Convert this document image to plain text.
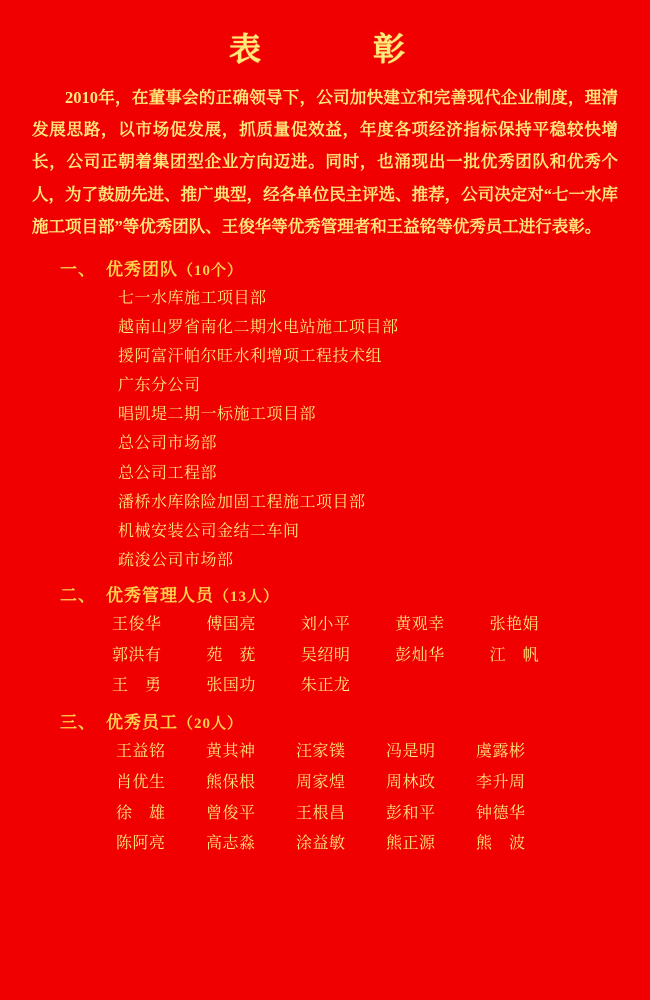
表　　彰
2010年，在董事会的正确领导下，公司加快建立和完善现代企业制度，理清发展思路，以市场促发展，抓质量促效益，年度各项经济指标保持平稳较快增长，公司正朝着集团型企业方向迈进。同时，也涌现出一批优秀团队和优秀个人，为了鼓励先进、推广典型，经各单位民主评选、推荐，公司决定对“七一水库施工项目部”等优秀团队、王俊华等优秀管理者和王益铭等优秀员工进行表彰。
一、 优秀团队（10个）
七一水库施工项目部
越南山罗省南化二期水电站施工项目部
援阿富汗帕尔旺水利增项工程技术组
广东分公司
唱凯堤二期一标施工项目部
总公司市场部
总公司工程部
潘桥水库除险加固工程施工项目部
机械安装公司金结二车间
疏浚公司市场部
二、 优秀管理人员（13人）
王俊华	傅国亮	刘小平	黄观幸	张艳娟
郭洪有	苑　莸	吴绍明	彭灿华	江　帆
王　勇	张国功	朱正龙
三、 优秀员工（20人）
王益铭	黄其神	汪家镤	冯是明	虞露彬
肖优生	熊保根	周家煌	周林政	李升周
徐　雄	曾俊平	王根昌	彭和平	钟德华
陈阿亮	高志淼	涂益敏	熊正源	熊　波
